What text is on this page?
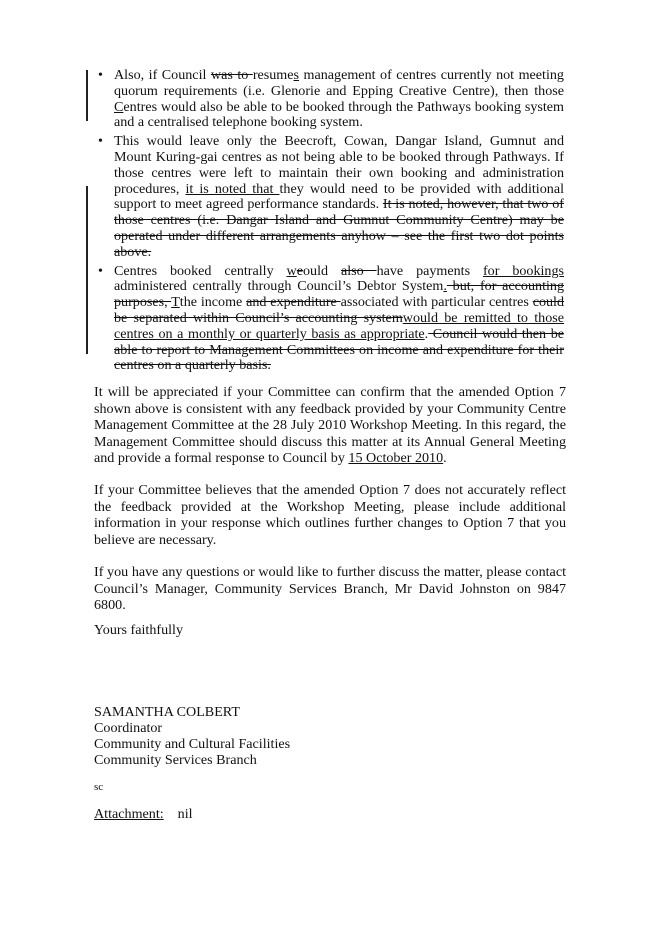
• Also, if Council was to resumes management of centres currently not meeting quorum requirements (i.e. Glenorie and Epping Creative Centre), then those Centres would also be able to be booked through the Pathways booking system and a centralised telephone booking system.
• This would leave only the Beecroft, Cowan, Dangar Island, Gumnut and Mount Kuring-gai centres as not being able to be booked through Pathways. If those centres were left to maintain their own booking and administration procedures, it is noted that they would need to be provided with additional support to meet agreed performance standards. It is noted, however, that two of those centres (i.e. Dangar Island and Gumnut Community Centre) may be operated under different arrangements anyhow – see the first two dot points above.
• Centres booked centrally weould also have payments for bookings administered centrally through Council’s Debtor System. but, for accounting purposes, Tthe income and expenditure associated with particular centres could be separated within Council’s accounting systemwould be remitted to those centres on a monthly or quarterly basis as appropriate. Council would then be able to report to Management Committees on income and expenditure for their centres on a quarterly basis.

It will be appreciated if your Committee can confirm that the amended Option 7 shown above is consistent with any feedback provided by your Community Centre Management Committee at the 28 July 2010 Workshop Meeting. In this regard, the Management Committee should discuss this matter at its Annual General Meeting and provide a formal response to Council by 15 October 2010.

If your Committee believes that the amended Option 7 does not accurately reflect the feedback provided at the Workshop Meeting, please include additional information in your response which outlines further changes to Option 7 that you believe are necessary.

If you have any questions or would like to further discuss the matter, please contact Council’s Manager, Community Services Branch, Mr David Johnston on 9847 6800.

Yours faithfully

SAMANTHA COLBERT

Coordinator

Community and Cultural Facilities

Community Services Branch

sc

Attachment: nil
